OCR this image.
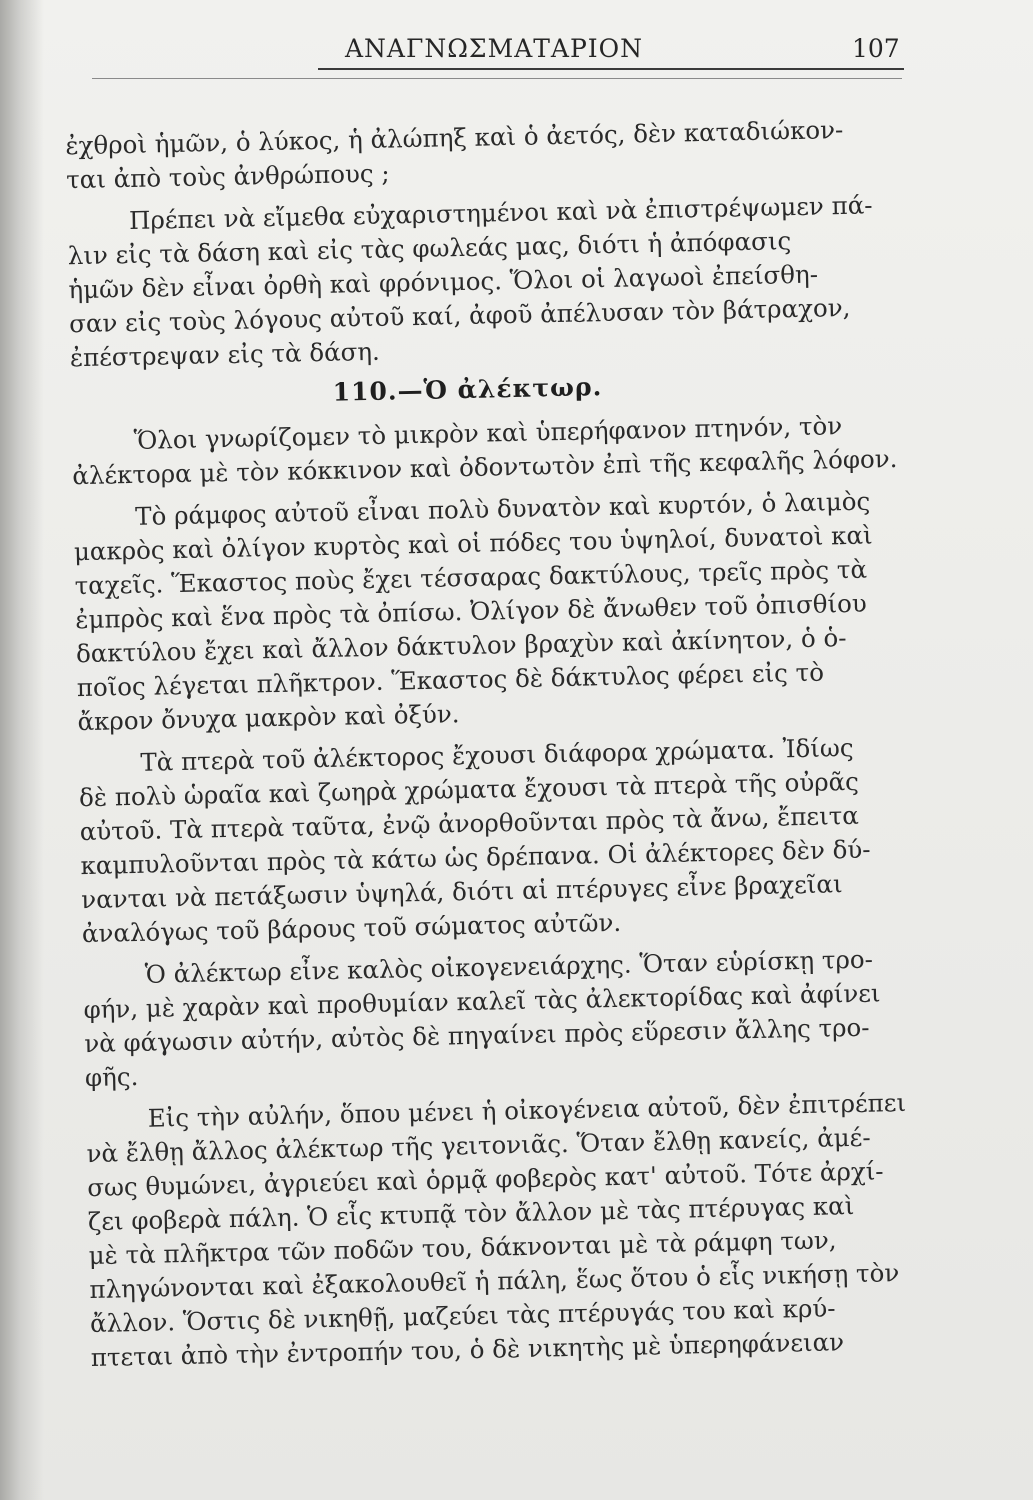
ΑΝΑΓΝΩΣΜΑΤΑΡΙΟΝ	107
ἐχθροὶ ἡμῶν, ὁ λύκος, ἡ ἀλώπηξ καὶ ὁ ἀετός, δὲν καταδιώκον-
ται ἀπὸ τοὺς ἀνθρώπους ;
Πρέπει νὰ εἴμεθα εὐχαριστημένοι καὶ νὰ ἐπιστρέψωμεν πά-
λιν εἰς τὰ δάση καὶ εἰς τὰς φωλεάς μας, διότι ἡ ἀπόφασις
ἡμῶν δὲν εἶναι ὀρθὴ καὶ φρόνιμος. Ὅλοι οἱ λαγωοὶ ἐπείσθη-
σαν εἰς τοὺς λόγους αὐτοῦ καί, ἀφοῦ ἀπέλυσαν τὸν βάτραχον,
ἐπέστρεψαν εἰς τὰ δάση.
110.—Ὁ ἀλέκτωρ.
Ὅλοι γνωρίζομεν τὸ μικρὸν καὶ ὑπερήφανον πτηνόν, τὸν
ἀλέκτορα μὲ τὸν κόκκινον καὶ ὀδοντωτὸν ἐπὶ τῆς κεφαλῆς λόφον.
Τὸ ράμφος αὐτοῦ εἶναι πολὺ δυνατὸν καὶ κυρτόν, ὁ λαιμὸς
μακρὸς καὶ ὀλίγον κυρτὸς καὶ οἱ πόδες του ὑψηλοί, δυνατοὶ καὶ
ταχεῖς. Ἕκαστος ποὺς ἔχει τέσσαρας δακτύλους, τρεῖς πρὸς τὰ
ἐμπρὸς καὶ ἕνα πρὸς τὰ ὀπίσω. Ὀλίγον δὲ ἄνωθεν τοῦ ὀπισθίου
δακτύλου ἔχει καὶ ἄλλον δάκτυλον βραχὺν καὶ ἀκίνητον, ὁ ὁ-
ποῖος λέγεται πλῆκτρον. Ἕκαστος δὲ δάκτυλος φέρει εἰς τὸ
ἄκρον ὄνυχα μακρὸν καὶ ὀξύν.
Τὰ πτερὰ τοῦ ἀλέκτορος ἔχουσι διάφορα χρώματα. Ἰδίως
δὲ πολὺ ὡραῖα καὶ ζωηρὰ χρώματα ἔχουσι τὰ πτερὰ τῆς οὐρᾶς
αὐτοῦ. Τὰ πτερὰ ταῦτα, ἐνῷ ἀνορθοῦνται πρὸς τὰ ἄνω, ἔπειτα
καμπυλοῦνται πρὸς τὰ κάτω ὡς δρέπανα. Οἱ ἀλέκτορες δὲν δύ-
νανται νὰ πετάξωσιν ὑψηλά, διότι αἱ πτέρυγες εἶνε βραχεῖαι
ἀναλόγως τοῦ βάρους τοῦ σώματος αὐτῶν.
Ὁ ἀλέκτωρ εἶνε καλὸς οἰκογενειάρχης. Ὅταν εὑρίσκῃ τρο-
φήν, μὲ χαρὰν καὶ προθυμίαν καλεῖ τὰς ἀλεκτορίδας καὶ ἀφίνει
νὰ φάγωσιν αὐτήν, αὐτὸς δὲ πηγαίνει πρὸς εὕρεσιν ἄλλης τρο-
φῆς.
Εἰς τὴν αὐλήν, ὅπου μένει ἡ οἰκογένεια αὐτοῦ, δὲν ἐπιτρέπει
νὰ ἔλθῃ ἄλλος ἀλέκτωρ τῆς γειτονιᾶς. Ὅταν ἔλθῃ κανείς, ἀμέ-
σως θυμώνει, ἀγριεύει καὶ ὁρμᾷ φοβερὸς κατ' αὐτοῦ. Τότε ἀρχί-
ζει φοβερὰ πάλη. Ὁ εἷς κτυπᾷ τὸν ἄλλον μὲ τὰς πτέρυγας καὶ
μὲ τὰ πλῆκτρα τῶν ποδῶν του, δάκνονται μὲ τὰ ράμφη των,
πληγώνονται καὶ ἐξακολουθεῖ ἡ πάλη, ἕως ὅτου ὁ εἷς νικήσῃ τὸν
ἄλλον. Ὅστις δὲ νικηθῇ, μαζεύει τὰς πτέρυγάς του καὶ κρύ-
πτεται ἀπὸ τὴν ἐντροπήν του, ὁ δὲ νικητὴς μὲ ὑπερηφάνειαν
